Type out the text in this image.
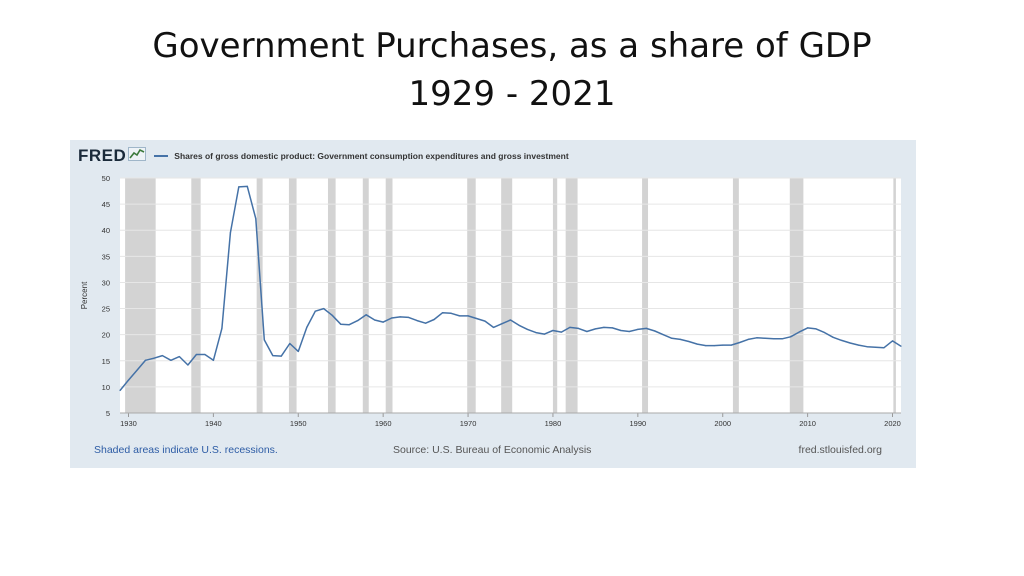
Government Purchases, as a share of GDP
1929 - 2021
5
10
15
20
25
30
35
40
45
50
1930	1940	1950	1960	1970	1980	1990	2000	2010	2020
Percent
FRED	Shares of gross domestic product: Government consumption expenditures and gross investment
Shaded areas indicate U.S. recessions.	Source: U.S. Bureau of Economic Analysis	fred.stlouisfed.org
